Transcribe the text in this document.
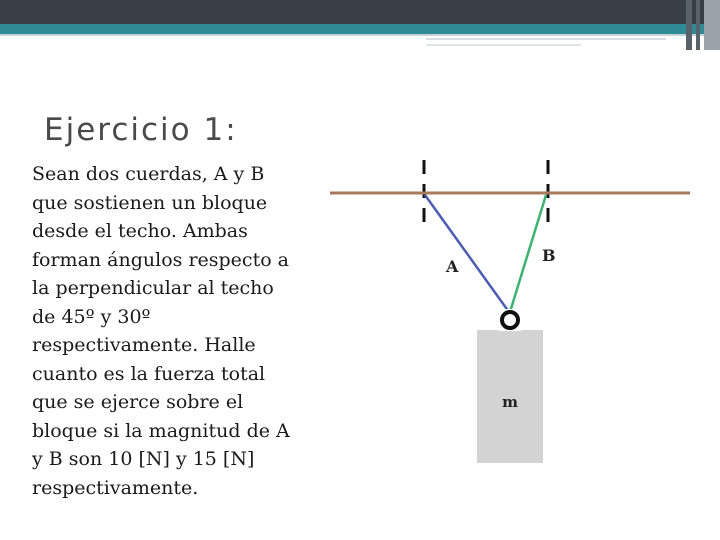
Ejercicio 1:

Sean dos cuerdas, A y B que sostienen un bloque desde el techo. Ambas forman ángulos respecto a la perpendicular al techo de 45º y 30º respectivamente. Halle cuanto es la fuerza total que se ejerce sobre el bloque si la magnitud de A y B son 10 [N] y 15 [N] respectivamente.

A
B
m
